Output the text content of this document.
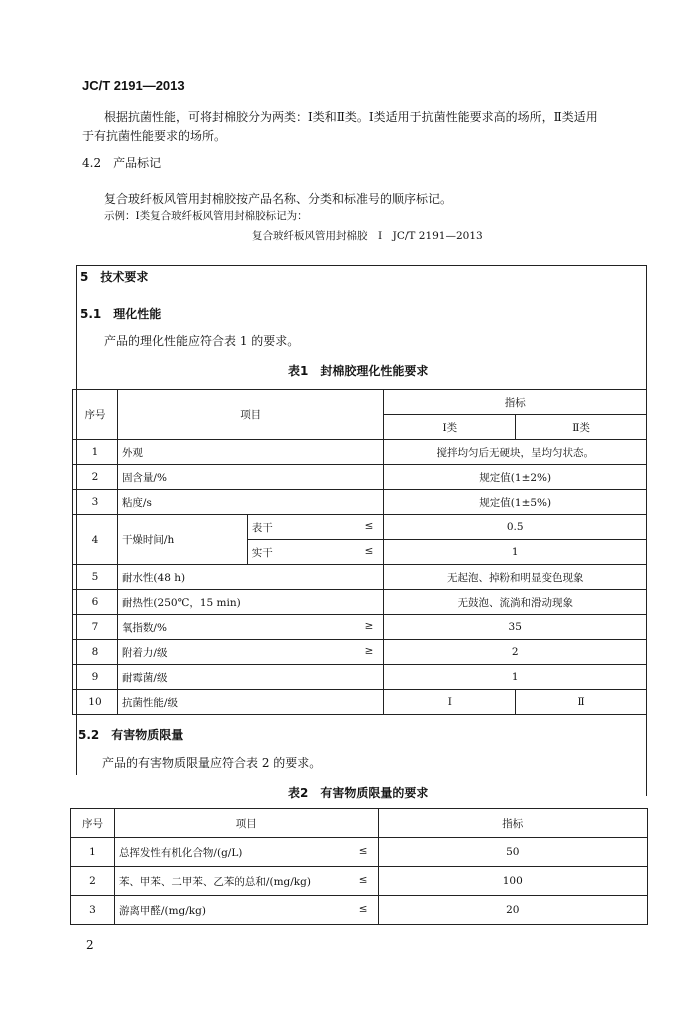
JC/T 2191—2013
根据抗菌性能，可将封棉胶分为两类：Ⅰ类和Ⅱ类。Ⅰ类适用于抗菌性能要求高的场所，Ⅱ类适用
于有抗菌性能要求的场所。
4.2　产品标记
复合玻纤板风管用封棉胶按产品名称、分类和标准号的顺序标记。
示例：Ⅰ类复合玻纤板风管用封棉胶标记为：
复合玻纤板风管用封棉胶　Ⅰ　JC/T 2191—2013
5　技术要求
5.1　理化性能
产品的理化性能应符合表 1 的要求。
表1　封棉胶理化性能要求
序号	项目		指标	
			Ⅰ类	Ⅱ类
1	外观		搅拌均匀后无硬块，呈均匀状态。	
2	固含量/%		规定值(1±2%)	
3	粘度/s		规定值(1±5%)	
4	干燥时间/h	表干 ≤	0.5	
		实干 ≤	1	
5	耐水性(48 h)		无起泡、掉粉和明显变色现象	
6	耐热性(250℃，15 min)		无鼓泡、流淌和滑动现象	
7	氧指数/% ≥		35	
8	附着力/级 ≥		2	
9	耐霉菌/级		1	
10	抗菌性能/级		Ⅰ	Ⅱ
5.2　有害物质限量
产品的有害物质限量应符合表 2 的要求。
表2　有害物质限量的要求
序号	项目	指标
1	总挥发性有机化合物/(g/L) ≤	50
2	苯、甲苯、二甲苯、乙苯的总和/(mg/kg) ≤	100
3	游离甲醛/(mg/kg) ≤	20
2
